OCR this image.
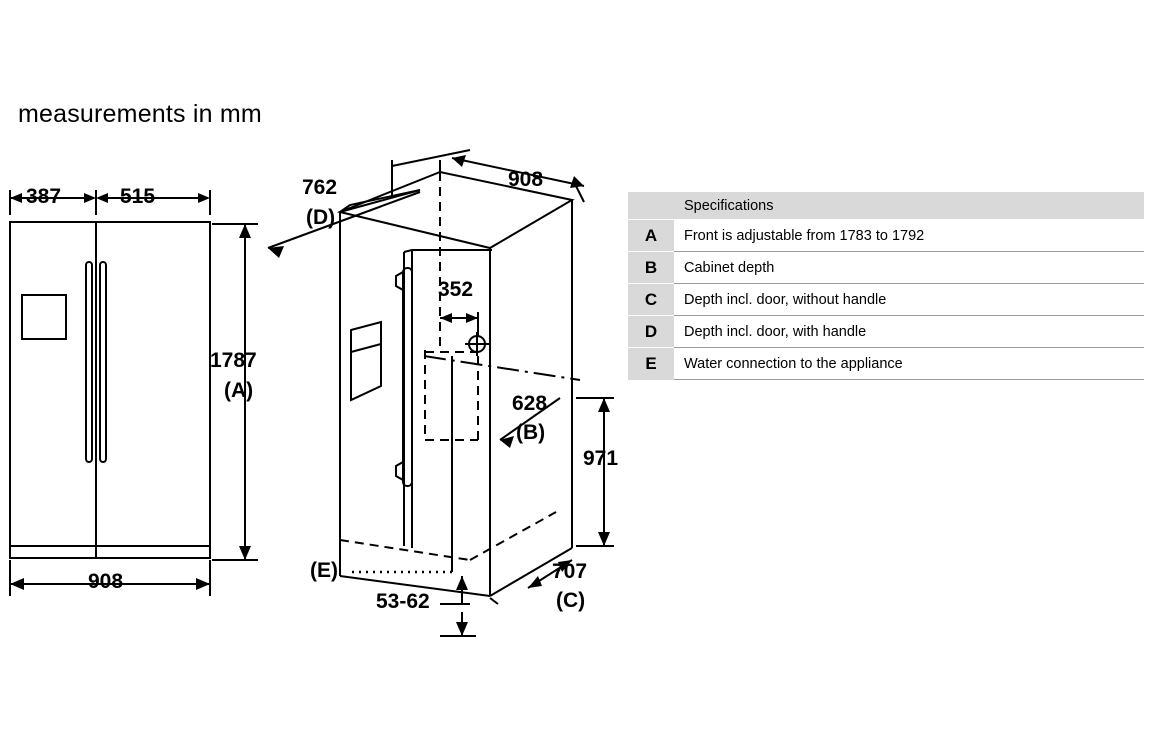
measurements in mm
387	515
908
1787
(A)
762
(D)
908
352
628
(B)
971
707
(C)
53-62
(E)
	Specifications
A	Front is adjustable from 1783 to 1792
B	Cabinet depth
C	Depth incl. door, without handle
D	Depth incl. door, with handle
E	Water connection to the appliance
